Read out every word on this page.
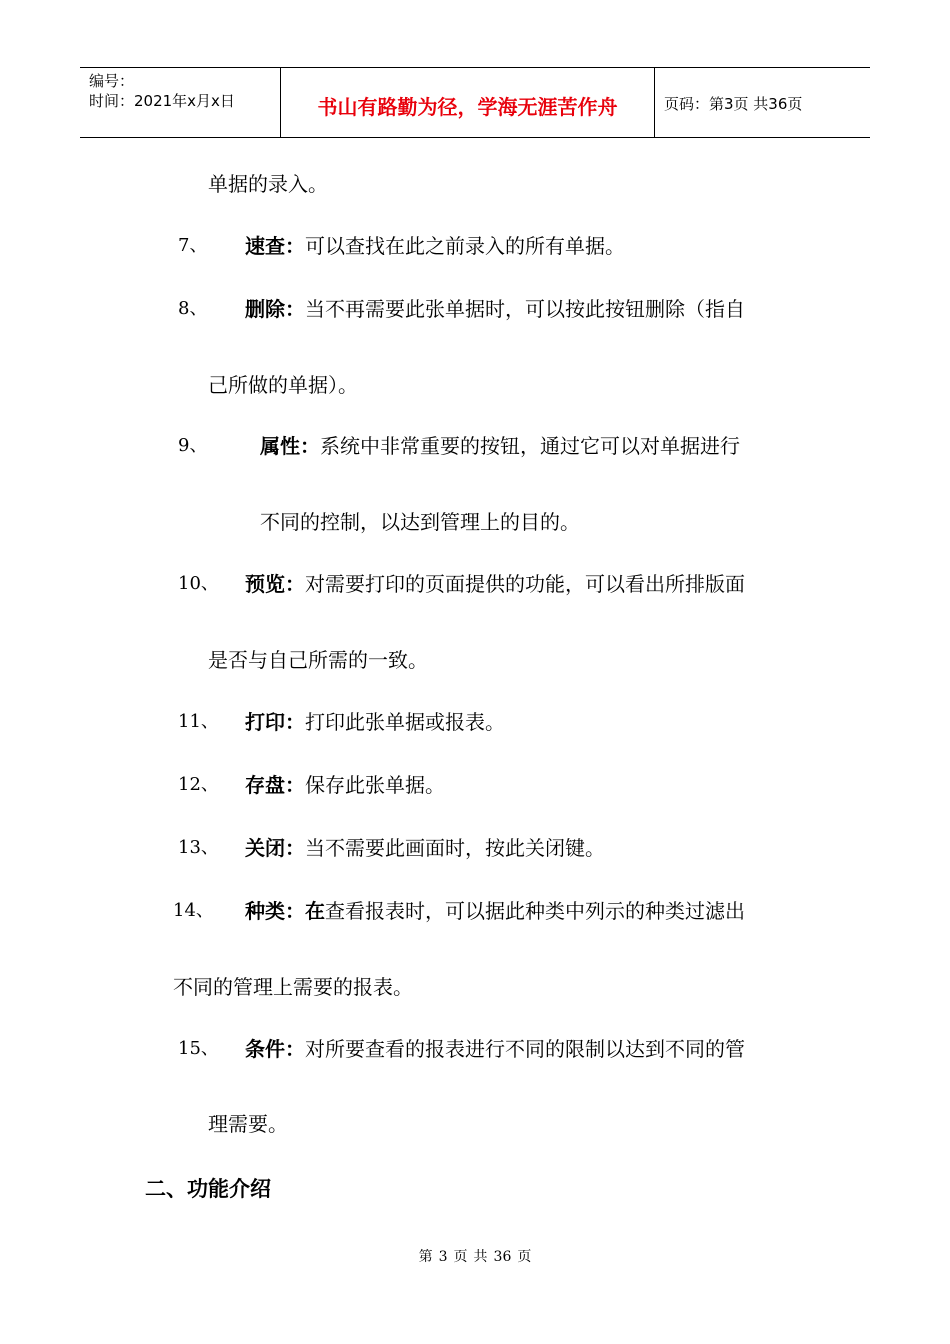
编号：
时间：2021年x月x日	书山有路勤为径，学海无涯苦作舟	页码：第3页 共36页
单据的录入。
7、 速查：可以查找在此之前录入的所有单据。
8、 删除：当不再需要此张单据时，可以按此按钮删除（指自
己所做的单据）。
9、	属性：系统中非常重要的按钮，通过它可以对单据进行
不同的控制，以达到管理上的目的。
10、 预览：对需要打印的页面提供的功能，可以看出所排版面
是否与自己所需的一致。
11、 打印：打印此张单据或报表。
12、 存盘：保存此张单据。
13、 关闭：当不需要此画面时，按此关闭键。
14、 种类：在查看报表时，可以据此种类中列示的种类过滤出
不同的管理上需要的报表。
15、 条件：对所要查看的报表进行不同的限制以达到不同的管
理需要。
二、功能介绍
第 3 页 共 36 页
